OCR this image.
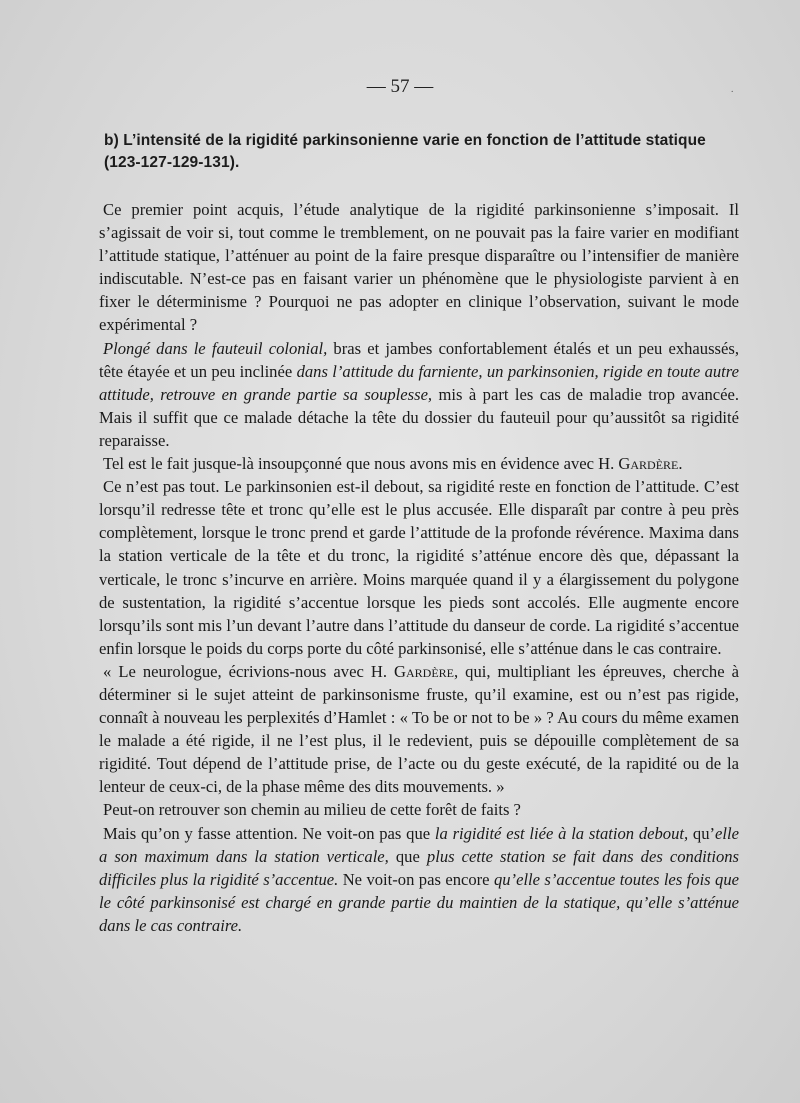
·
— 57 —
b) L’intensité de la rigidité parkinsonienne varie en fonction de l’attitude statique (123-127-129-131).

Ce premier point acquis, l’étude analytique de la rigidité parkinsonienne s’imposait. Il s’agissait de voir si, tout comme le tremblement, on ne pouvait pas la faire varier en modifiant l’attitude statique, l’atténuer au point de la faire presque disparaître ou l’intensifier de manière indiscutable. N’est-ce pas en faisant varier un phénomène que le physiologiste parvient à en fixer le déterminisme ? Pourquoi ne pas adopter en clinique l’observation, suivant le mode expérimental ?

Plongé dans le fauteuil colonial, bras et jambes confortablement étalés et un peu exhaussés, tête étayée et un peu inclinée dans l’attitude du farniente, un parkinsonien, rigide en toute autre attitude, retrouve en grande partie sa souplesse, mis à part les cas de maladie trop avancée. Mais il suffit que ce malade détache la tête du dossier du fauteuil pour qu’aussitôt sa rigidité reparaisse.

Tel est le fait jusque-là insoupçonné que nous avons mis en évidence avec H. Gardère.

Ce n’est pas tout. Le parkinsonien est-il debout, sa rigidité reste en fonction de l’attitude. C’est lorsqu’il redresse tête et tronc qu’elle est le plus accusée. Elle disparaît par contre à peu près complètement, lorsque le tronc prend et garde l’attitude de la profonde révérence. Maxima dans la station verticale de la tête et du tronc, la rigidité s’atténue encore dès que, dépassant la verticale, le tronc s’incurve en arrière. Moins marquée quand il y a élargissement du polygone de sustentation, la rigidité s’accentue lorsque les pieds sont accolés. Elle augmente encore lorsqu’ils sont mis l’un devant l’autre dans l’attitude du danseur de corde. La rigidité s’accentue enfin lorsque le poids du corps porte du côté parkinsonisé, elle s’atténue dans le cas contraire.

« Le neurologue, écrivions-nous avec H. Gardère, qui, multipliant les épreuves, cherche à déterminer si le sujet atteint de parkinsonisme fruste, qu’il examine, est ou n’est pas rigide, connaît à nouveau les perplexités d’Hamlet : « To be or not to be » ? Au cours du même examen le malade a été rigide, il ne l’est plus, il le redevient, puis se dépouille complètement de sa rigidité. Tout dépend de l’attitude prise, de l’acte ou du geste exécuté, de la rapidité ou de la lenteur de ceux-ci, de la phase même des dits mouvements. »

Peut-on retrouver son chemin au milieu de cette forêt de faits ?

Mais qu’on y fasse attention. Ne voit-on pas que la rigidité est liée à la station debout, qu’elle a son maximum dans la station verticale, que plus cette station se fait dans des conditions difficiles plus la rigidité s’accentue. Ne voit-on pas encore qu’elle s’accentue toutes les fois que le côté parkinsonisé est chargé en grande partie du maintien de la statique, qu’elle s’atténue dans le cas contraire.
